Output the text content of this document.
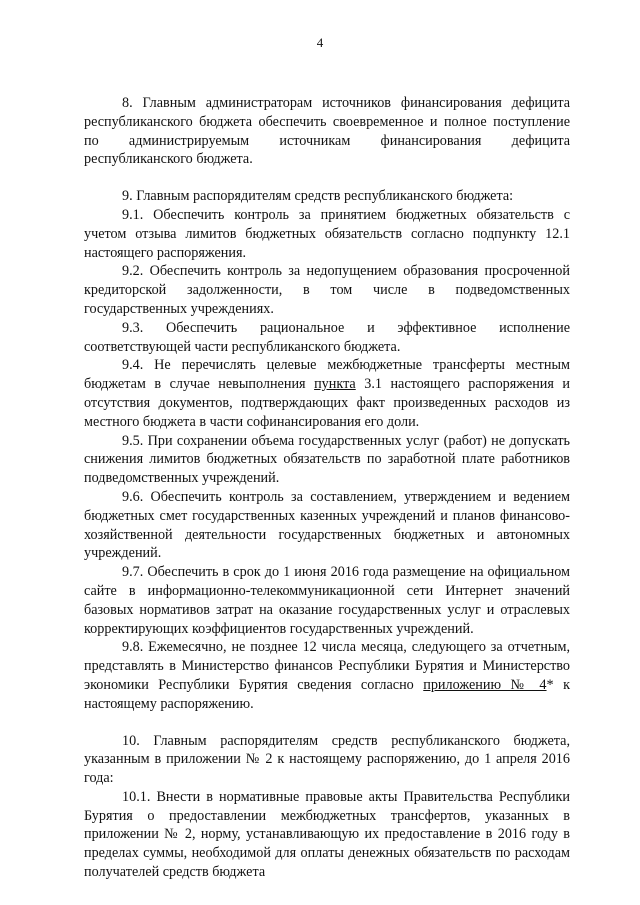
4

8. Главным администраторам источников финансирования дефицита республиканского бюджета обеспечить своевременное и полное поступление по администрируемым источникам финансирования дефицита республиканского бюджета.

9. Главным распорядителям средств республиканского бюджета:

9.1. Обеспечить контроль за принятием бюджетных обязательств с учетом отзыва лимитов бюджетных обязательств согласно подпункту 12.1 настоящего распоряжения.

9.2. Обеспечить контроль за недопущением образования просроченной кредиторской задолженности, в том числе в подведомственных государственных учреждениях.

9.3. Обеспечить рациональное и эффективное исполнение соответствующей части республиканского бюджета.

9.4. Не перечислять целевые межбюджетные трансферты местным бюджетам в случае невыполнения пункта 3.1 настоящего распоряжения и отсутствия документов, подтверждающих факт произведенных расходов из местного бюджета в части софинансирования его доли.

9.5. При сохранении объема государственных услуг (работ) не допускать снижения лимитов бюджетных обязательств по заработной плате работников подведомственных учреждений.

9.6. Обеспечить контроль за составлением, утверждением и ведением бюджетных смет государственных казенных учреждений и планов финансово-хозяйственной деятельности государственных бюджетных и автономных учреждений.

9.7. Обеспечить в срок до 1 июня 2016 года размещение на официальном сайте в информационно-телекоммуникационной сети Интернет значений базовых нормативов затрат на оказание государственных услуг и отраслевых корректирующих коэффициентов государственных учреждений.

9.8. Ежемесячно, не позднее 12 числа месяца, следующего за отчетным, представлять в Министерство финансов Республики Бурятия и Министерство экономики Республики Бурятия сведения согласно приложению № 4* к настоящему распоряжению.

10. Главным распорядителям средств республиканского бюджета, указанным в приложении № 2 к настоящему распоряжению, до 1 апреля 2016 года:

10.1. Внести в нормативные правовые акты Правительства Республики Бурятия о предоставлении межбюджетных трансфертов, указанных в приложении № 2, норму, устанавливающую их предоставление в 2016 году в пределах суммы, необходимой для оплаты денежных обязательств по расходам получателей средств бюджета
